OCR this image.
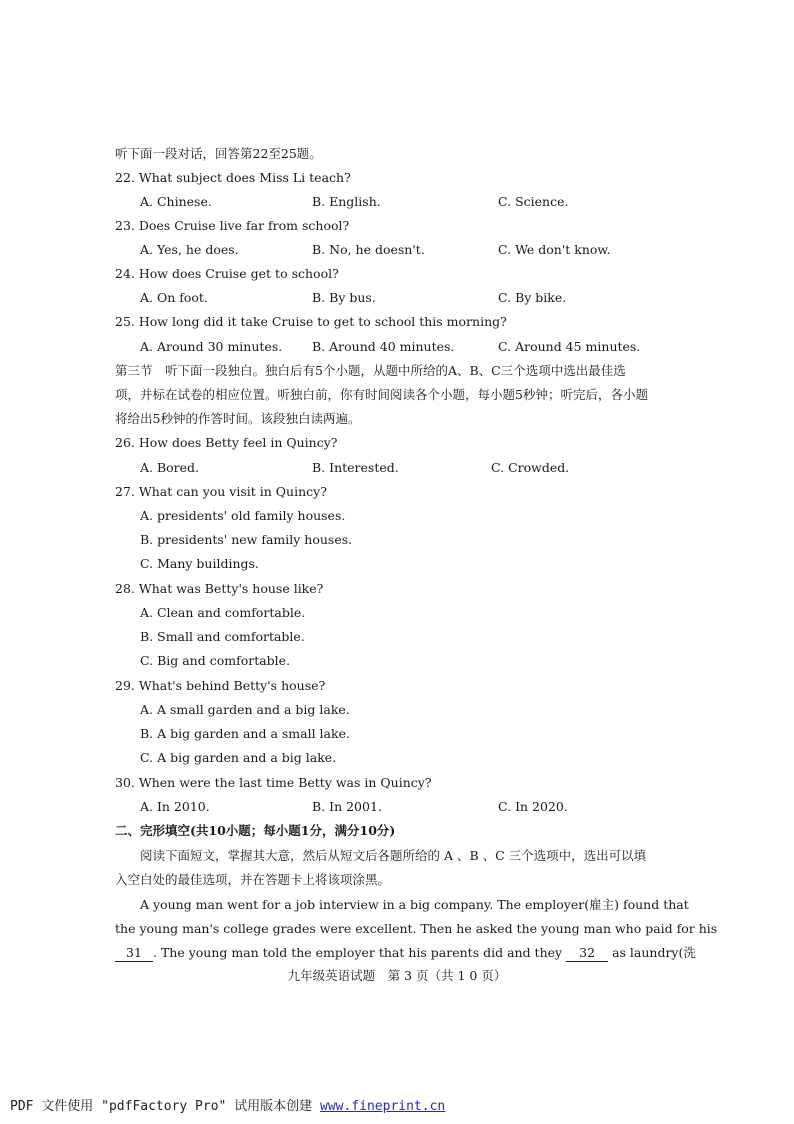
听下面一段对话，回答第22至25题。
22. What subject does Miss Li teach?
A. Chinese.	B. English.	C. Science.
23. Does Cruise live far from school?
A. Yes, he does.	B. No, he doesn't.	C. We don't know.
24. How does Cruise get to school?
A. On foot.	B. By bus.	C. By bike.
25. How long did it take Cruise to get to school this morning?
A. Around 30 minutes. B. Around 40 minutes.	C. Around 45 minutes.
第三节　听下面一段独白。独白后有5个小题，从题中所给的A、B、C三个选项中选出最佳选
项，并标在试卷的相应位置。听独白前，你有时间阅读各个小题，每小题5秒钟；听完后，各小题
将给出5秒钟的作答时间。该段独白读两遍。
26. How does Betty feel in Quincy?
A. Bored.	B. Interested.	C. Crowded.
27. What can you visit in Quincy?
A. presidents' old family houses.
B. presidents' new family houses.
C. Many buildings.
28. What was Betty's house like?
A. Clean and comfortable.
B. Small and comfortable.
C. Big and comfortable.
29. What's behind Betty's house?
A. A small garden and a big lake.
B. A big garden and a small lake.
C. A big garden and a big lake.
30. When were the last time Betty was in Quincy?
A. In 2010.	B. In 2001.	C. In 2020.
二、完形填空(共10小题；每小题1分，满分10分)
阅读下面短文，掌握其大意，然后从短文后各题所给的 A 、B 、C 三个选项中，选出可以填
入空白处的最佳选项，并在答题卡上将该项涂黑。
A young man went for a job interview in a big company. The employer(雇主) found that
the young man's college grades were excellent. Then he asked the young man who paid for his
31 . The young man told the employer that his parents did and they 32 as laundry(洗
九年级英语试题　第 3 页（共 1 0 页）
PDF 文件使用 "pdfFactory Pro" 试用版本创建 www.fineprint.cn
